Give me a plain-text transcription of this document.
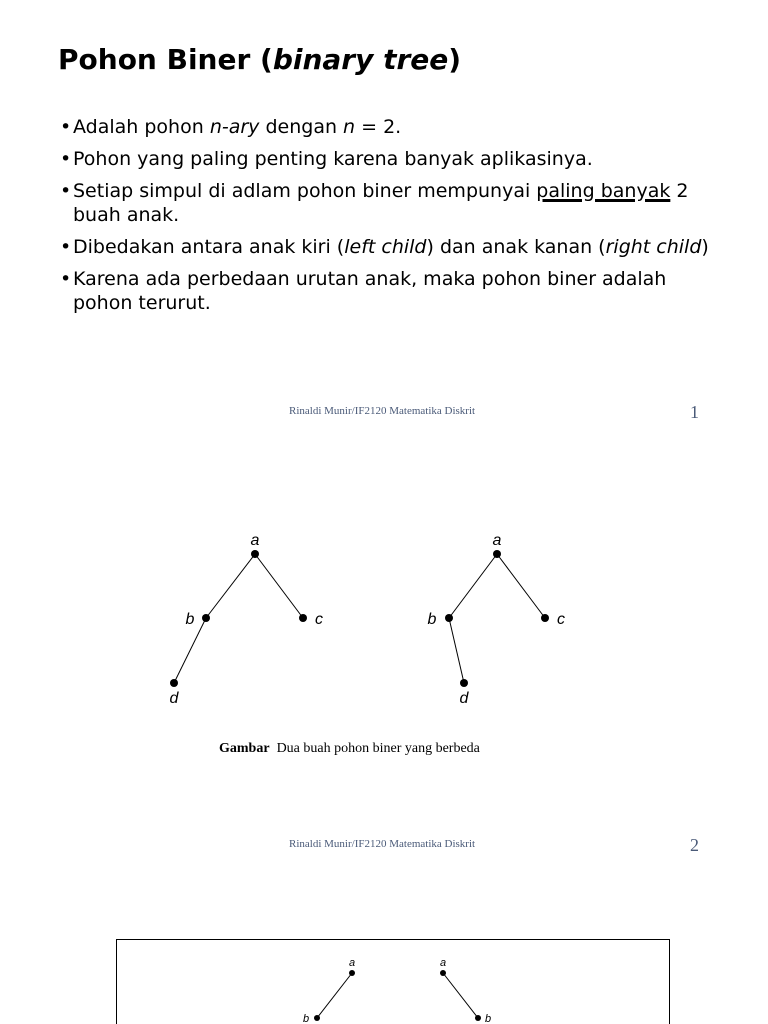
Pohon Biner (binary tree)
• Adalah pohon n-ary dengan n = 2.
• Pohon yang paling penting karena banyak aplikasinya.
• Setiap simpul di adlam pohon biner mempunyai paling banyak 2 buah anak.
• Dibedakan antara anak kiri (left child) dan anak kanan (right child)
• Karena ada perbedaan urutan anak, maka pohon biner adalah pohon terurut.
Rinaldi Munir/IF2120 Matematika Diskrit	1
a
b	c
d
a
b	c
d
Gambar  Dua buah pohon biner yang berbeda
Rinaldi Munir/IF2120 Matematika Diskrit	2
a
b
a
b
